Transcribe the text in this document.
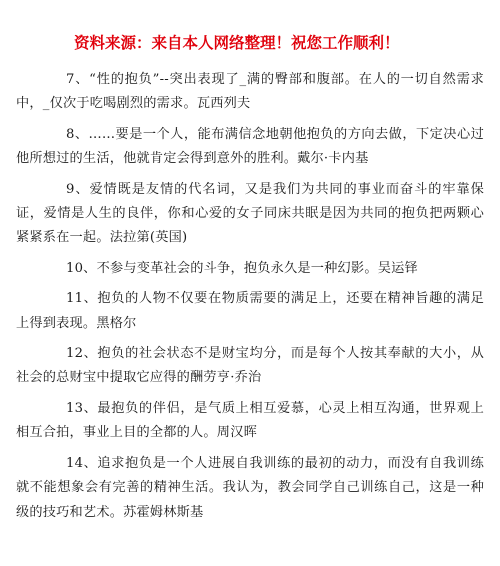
资料来源：来自本人网络整理！祝您工作顺利！

7、“性的抱负”--突出表现了_满的臀部和腹部。在人的一切自然需求中，_仅次于吃喝剧烈的需求。瓦西列夫

8、……要是一个人，能布满信念地朝他抱负的方向去做，下定决心过他所想过的生活，他就肯定会得到意外的胜利。戴尔·卡内基

9、爱情既是友情的代名词，又是我们为共同的事业而奋斗的牢靠保证，爱情是人生的良伴，你和心爱的女子同床共眠是因为共同的抱负把两颗心紧紧系在一起。法拉第(英国)

10、不参与变革社会的斗争，抱负永久是一种幻影。吴运铎

11、抱负的人物不仅要在物质需要的满足上，还要在精神旨趣的满足上得到表现。黑格尔

12、抱负的社会状态不是财宝均分，而是每个人按其奉献的大小，从社会的总财宝中提取它应得的酬劳亨·乔治

13、最抱负的伴侣，是气质上相互爱慕，心灵上相互沟通，世界观上相互合拍，事业上目的全都的人。周汉晖

14、追求抱负是一个人进展自我训练的最初的动力，而没有自我训练就不能想象会有完善的精神生活。我认为，教会同学自己训练自己，这是一种级的技巧和艺术。苏霍姆林斯基
